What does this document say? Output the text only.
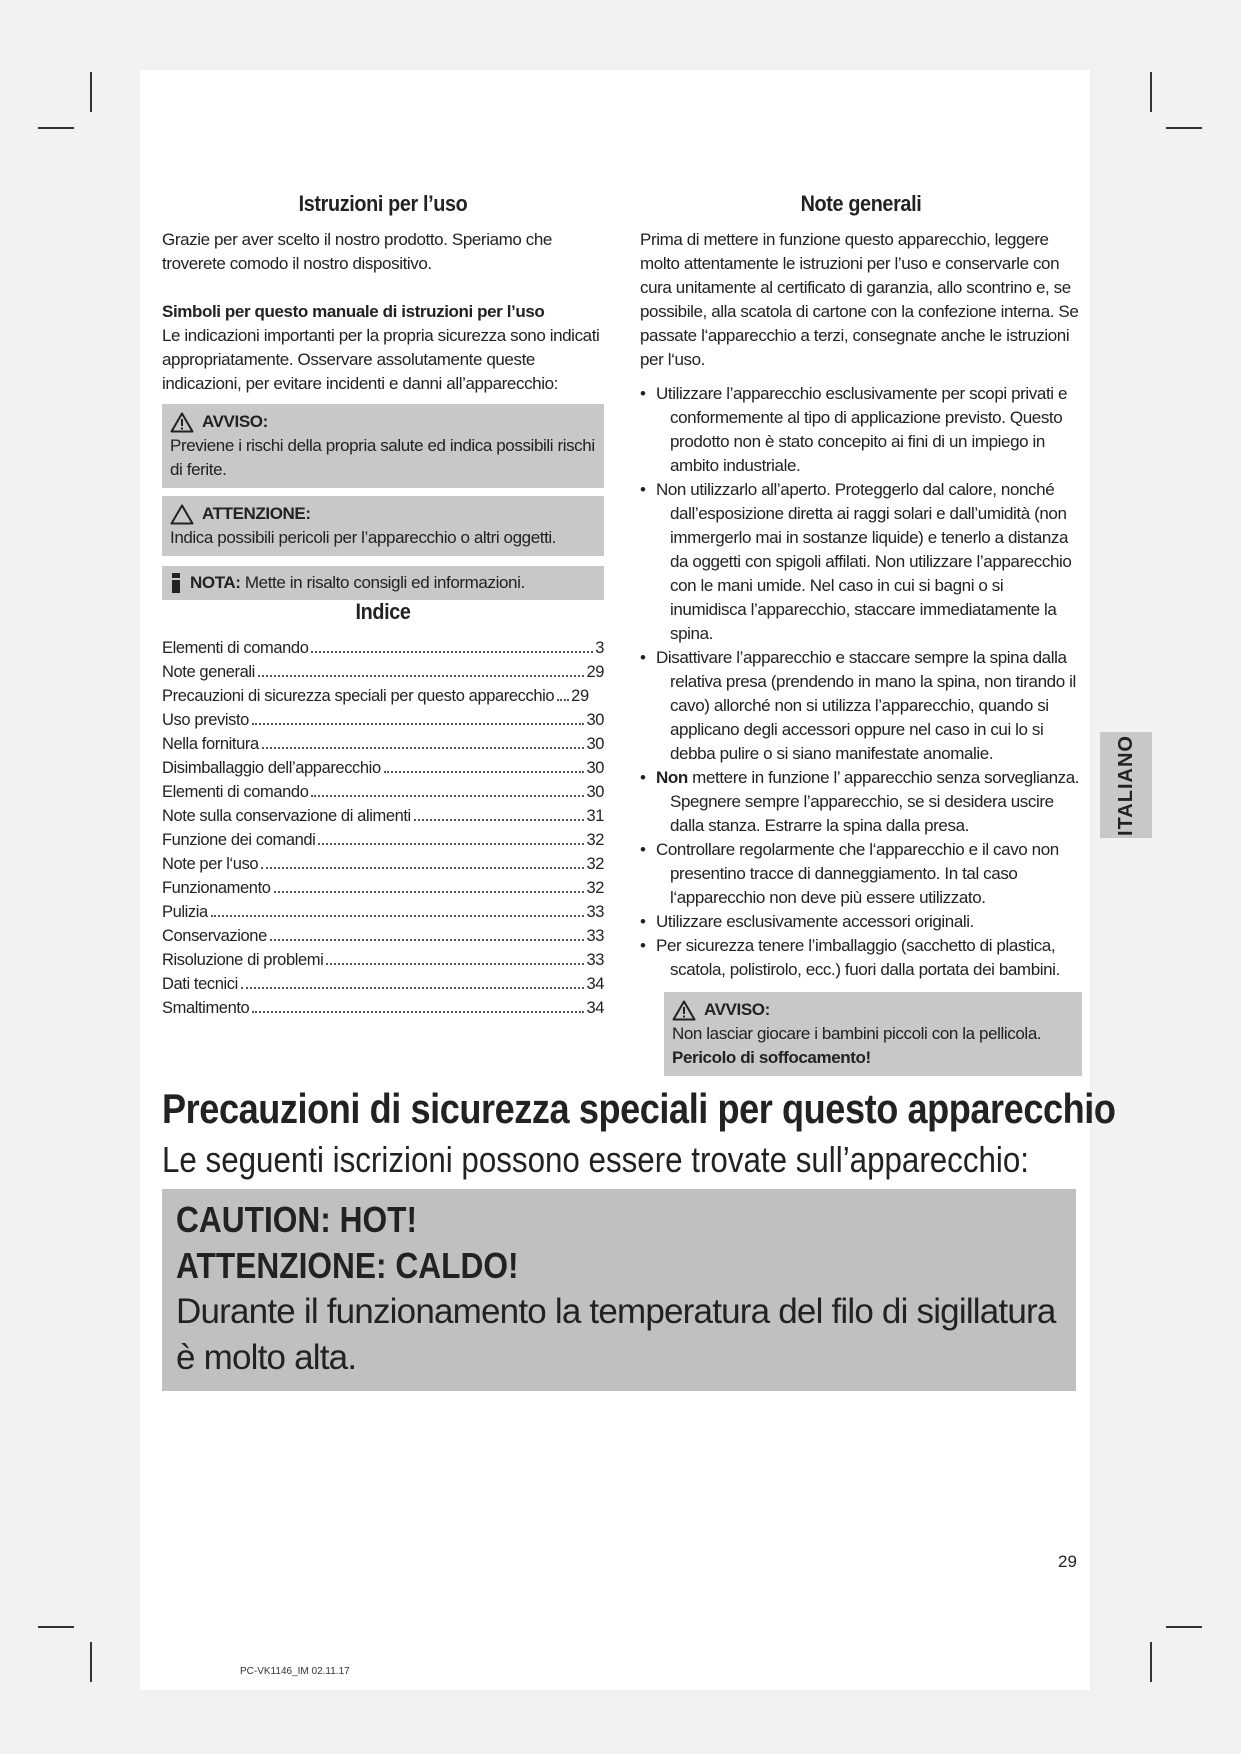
Istruzioni per l’uso

Grazie per aver scelto il nostro prodotto. Speriamo che troverete comodo il nostro dispositivo.

Simboli per questo manuale di istruzioni per l’uso

Le indicazioni importanti per la propria sicurezza sono indicati appropriatamente. Osservare assolutamente queste indicazioni, per evitare incidenti e danni all’apparecchio:

AVVISO:

Previene i rischi della propria salute ed indica possibili rischi di ferite.

ATTENZIONE:

Indica possibili pericoli per l’apparecchio o altri oggetti.

NOTA: Mette in risalto consigli ed informazioni.
Indice
Elementi di comando	3
Note generali	29
Precauzioni di sicurezza speciali per questo apparecchio 29
Uso previsto	30
Nella fornitura	30
Disimballaggio dell’apparecchio	30
Elementi di comando	30
Note sulla conservazione di alimenti	31
Funzione dei comandi	32
Note per l‘uso	32
Funzionamento	32
Pulizia	33
Conservazione	33
Risoluzione di problemi	33
Dati tecnici	34
Smaltimento	34
Note generali

Prima di mettere in funzione questo apparecchio, leggere molto attentamente le istruzioni per l’uso e conservarle con cura unitamente al certificato di garanzia, allo scontrino e, se possibile, alla scatola di cartone con la confezione interna. Se passate l‘apparecchio a terzi, consegnate anche le istruzioni per l‘uso.

• Utilizzare l’apparecchio esclusivamente per scopi privati e conformemente al tipo di applicazione previsto. Questo prodotto non è stato concepito ai fini di un impiego in ambito industriale.
• Non utilizzarlo all’aperto. Proteggerlo dal calore, nonché dall’esposizione diretta ai raggi solari e dall’umidità (non immergerlo mai in sostanze liquide) e tenerlo a distanza da oggetti con spigoli affilati. Non utilizzare l’apparecchio con le mani umide. Nel caso in cui si bagni o si inumidisca l’apparecchio, staccare immediatamente la spina.
• Disattivare l’apparecchio e staccare sempre la spina dalla relativa presa (prendendo in mano la spina, non tirando il cavo) allorché non si utilizza l’apparecchio, quando si applicano degli accessori oppure nel caso in cui lo si debba pulire o si siano manifestate anomalie.
• Non mettere in funzione l’ apparecchio senza sorveglianza. Spegnere sempre l’apparecchio, se si desidera uscire dalla stanza. Estrarre la spina dalla presa.
• Controllare regolarmente che l‘apparecchio e il cavo non presentino tracce di danneggiamento. In tal caso l‘apparecchio non deve più essere utilizzato.
• Utilizzare esclusivamente accessori originali.
• Per sicurezza tenere l’imballaggio (sacchetto di plastica, scatola, polistirolo, ecc.) fuori dalla portata dei bambini.
AVVISO:

Non lasciar giocare i bambini piccoli con la pellicola.

Pericolo di soffocamento!

Precauzioni di sicurezza speciali per questo apparecchio
Le seguenti iscrizioni possono essere trovate sull’apparecchio:
CAUTION: HOT!
ATTENZIONE: CALDO!
Durante il funzionamento la temperatura del filo di sigillatura è molto alta.
ITALIANO
29
PC-VK1146_IM 02.11.17
